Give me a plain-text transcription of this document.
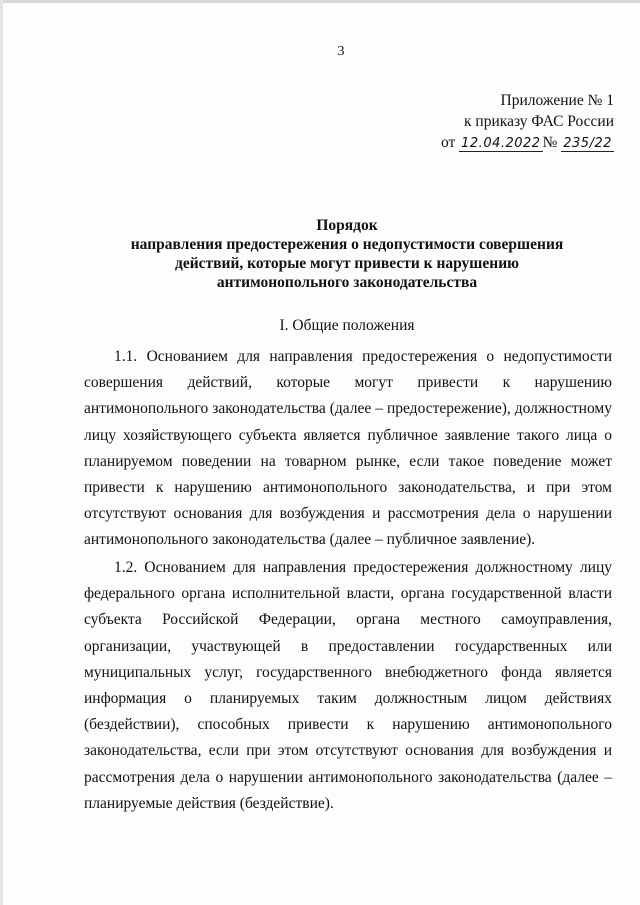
3
Приложение № 1
к приказу ФАС России
от 12.04.2022 № 235/22
Порядок
направления предостережения о недопустимости совершения
действий, которые могут привести к нарушению
антимонопольного законодательства
I. Общие положения

1.1. Основанием для направления предостережения о недопустимости совершения действий, которые могут привести к нарушению антимонопольного законодательства (далее – предостережение), должностному лицу хозяйствующего субъекта является публичное заявление такого лица о планируемом поведении на товарном рынке, если такое поведение может привести к нарушению антимонопольного законодательства, и при этом отсутствуют основания для возбуждения и рассмотрения дела о нарушении антимонопольного законодательства (далее – публичное заявление).

1.2. Основанием для направления предостережения должностному лицу федерального органа исполнительной власти, органа государственной власти субъекта Российской Федерации, органа местного самоуправления, организации, участвующей в предоставлении государственных или муниципальных услуг, государственного внебюджетного фонда является информация о планируемых таким должностным лицом действиях (бездействии), способных привести к нарушению антимонопольного законодательства, если при этом отсутствуют основания для возбуждения и рассмотрения дела о нарушении антимонопольного законодательства (далее – планируемые действия (бездействие).
